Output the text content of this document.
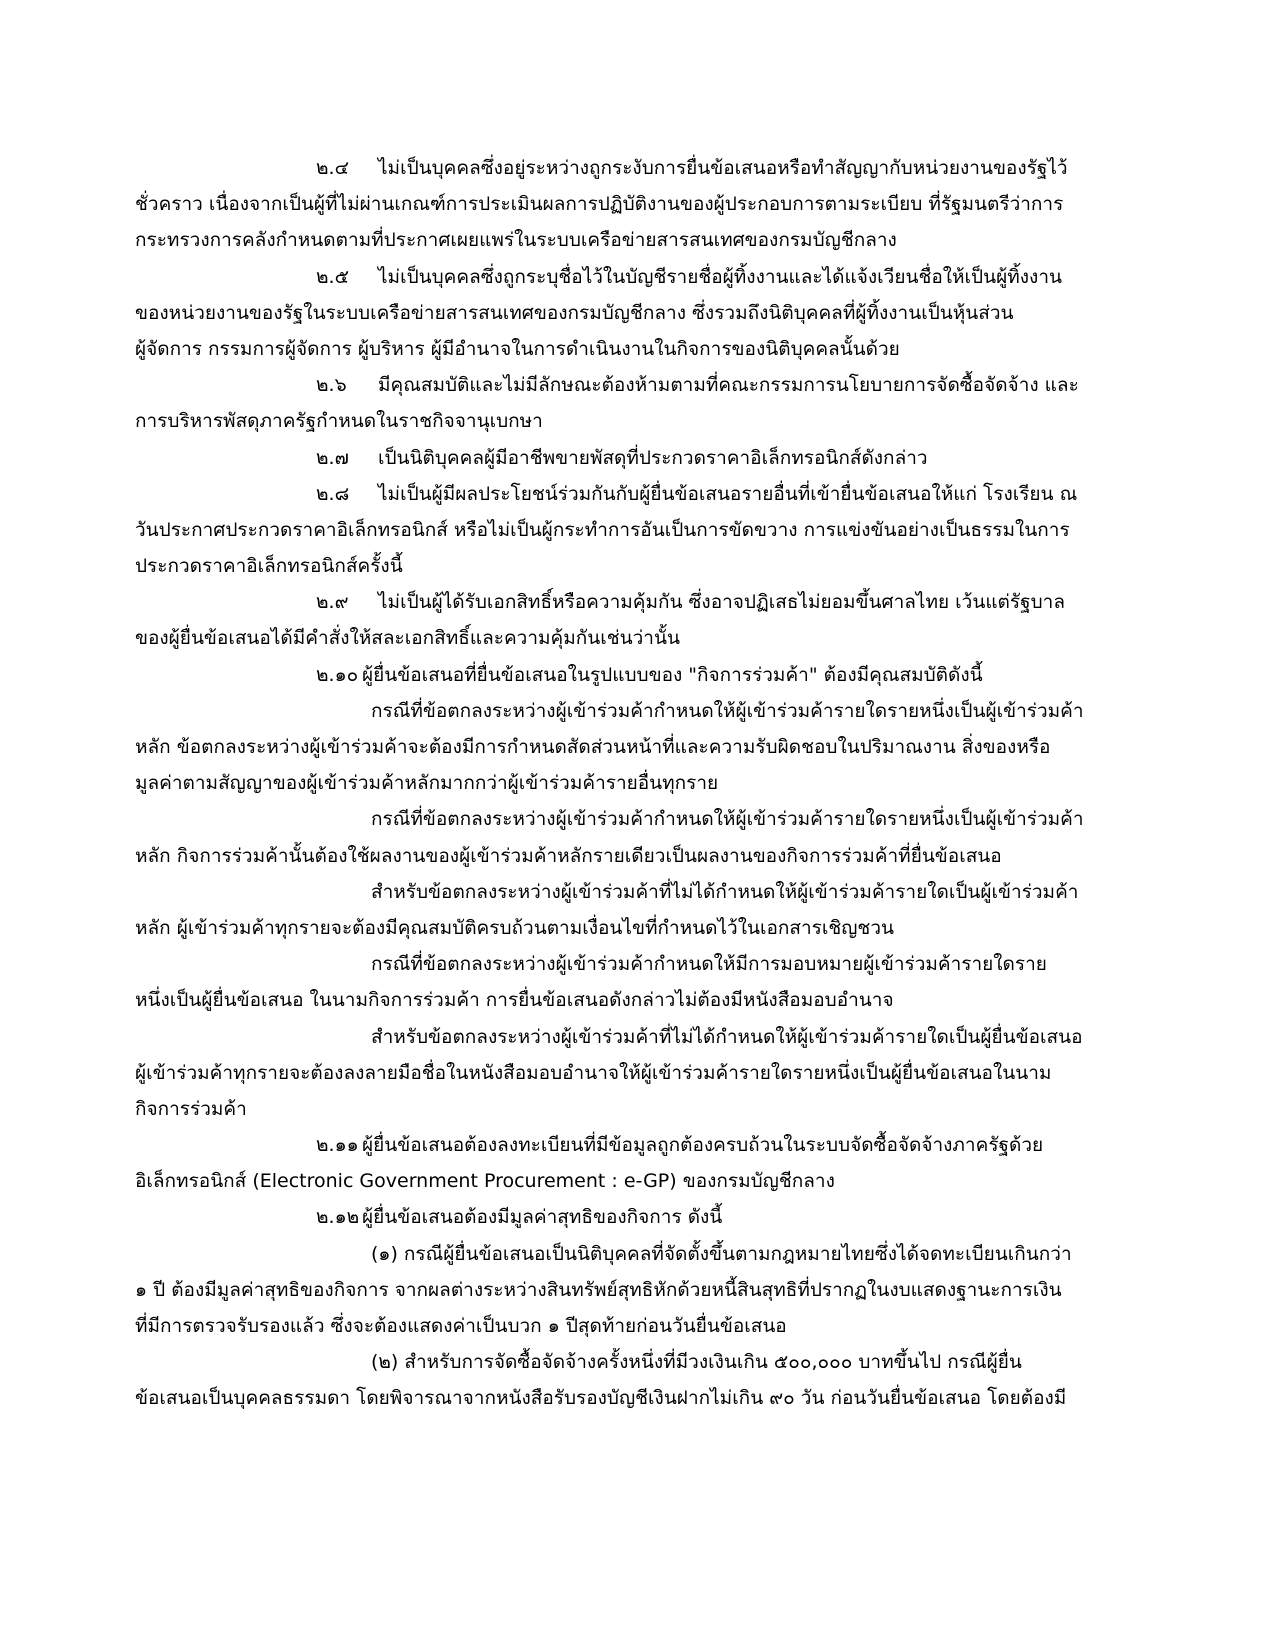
๒.๔ ไม่เป็นบุคคลซึ่งอยู่ระหว่างถูกระงับการยื่นข้อเสนอหรือทำสัญญากับหน่วยงานของรัฐไว้
ชั่วคราว เนื่องจากเป็นผู้ที่ไม่ผ่านเกณฑ์การประเมินผลการปฏิบัติงานของผู้ประกอบการตามระเบียบ ที่รัฐมนตรีว่าการ
กระทรวงการคลังกำหนดตามที่ประกาศเผยแพร่ในระบบเครือข่ายสารสนเทศของกรมบัญชีกลาง
๒.๕ ไม่เป็นบุคคลซึ่งถูกระบุชื่อไว้ในบัญชีรายชื่อผู้ทิ้งงานและได้แจ้งเวียนชื่อให้เป็นผู้ทิ้งงาน
ของหน่วยงานของรัฐในระบบเครือข่ายสารสนเทศของกรมบัญชีกลาง ซึ่งรวมถึงนิติบุคคลที่ผู้ทิ้งงานเป็นหุ้นส่วน
ผู้จัดการ กรรมการผู้จัดการ ผู้บริหาร ผู้มีอำนาจในการดำเนินงานในกิจการของนิติบุคคลนั้นด้วย
๒.๖ มีคุณสมบัติและไม่มีลักษณะต้องห้ามตามที่คณะกรรมการนโยบายการจัดซื้อจัดจ้าง และ
การบริหารพัสดุภาครัฐกำหนดในราชกิจจานุเบกษา
๒.๗ เป็นนิติบุคคลผู้มีอาชีพขายพัสดุที่ประกวดราคาอิเล็กทรอนิกส์ดังกล่าว
๒.๘ ไม่เป็นผู้มีผลประโยชน์ร่วมกันกับผู้ยื่นข้อเสนอรายอื่นที่เข้ายื่นข้อเสนอให้แก่ โรงเรียน ณ
วันประกาศประกวดราคาอิเล็กทรอนิกส์ หรือไม่เป็นผู้กระทำการอันเป็นการขัดขวาง การแข่งขันอย่างเป็นธรรมในการ
ประกวดราคาอิเล็กทรอนิกส์ครั้งนี้
๒.๙ ไม่เป็นผู้ได้รับเอกสิทธิ์หรือความคุ้มกัน ซึ่งอาจปฏิเสธไม่ยอมขึ้นศาลไทย เว้นแต่รัฐบาล
ของผู้ยื่นข้อเสนอได้มีคำสั่งให้สละเอกสิทธิ์และความคุ้มกันเช่นว่านั้น
๒.๑๐ ผู้ยื่นข้อเสนอที่ยื่นข้อเสนอในรูปแบบของ "กิจการร่วมค้า" ต้องมีคุณสมบัติดังนี้
กรณีที่ข้อตกลงระหว่างผู้เข้าร่วมค้ากำหนดให้ผู้เข้าร่วมค้ารายใดรายหนึ่งเป็นผู้เข้าร่วมค้า
หลัก ข้อตกลงระหว่างผู้เข้าร่วมค้าจะต้องมีการกำหนดสัดส่วนหน้าที่และความรับผิดชอบในปริมาณงาน สิ่งของหรือ
มูลค่าตามสัญญาของผู้เข้าร่วมค้าหลักมากกว่าผู้เข้าร่วมค้ารายอื่นทุกราย
กรณีที่ข้อตกลงระหว่างผู้เข้าร่วมค้ากำหนดให้ผู้เข้าร่วมค้ารายใดรายหนึ่งเป็นผู้เข้าร่วมค้า
หลัก กิจการร่วมค้านั้นต้องใช้ผลงานของผู้เข้าร่วมค้าหลักรายเดียวเป็นผลงานของกิจการร่วมค้าที่ยื่นข้อเสนอ
สำหรับข้อตกลงระหว่างผู้เข้าร่วมค้าที่ไม่ได้กำหนดให้ผู้เข้าร่วมค้ารายใดเป็นผู้เข้าร่วมค้า
หลัก ผู้เข้าร่วมค้าทุกรายจะต้องมีคุณสมบัติครบถ้วนตามเงื่อนไขที่กำหนดไว้ในเอกสารเชิญชวน
กรณีที่ข้อตกลงระหว่างผู้เข้าร่วมค้ากำหนดให้มีการมอบหมายผู้เข้าร่วมค้ารายใดราย
หนึ่งเป็นผู้ยื่นข้อเสนอ ในนามกิจการร่วมค้า การยื่นข้อเสนอดังกล่าวไม่ต้องมีหนังสือมอบอำนาจ
สำหรับข้อตกลงระหว่างผู้เข้าร่วมค้าที่ไม่ได้กำหนดให้ผู้เข้าร่วมค้ารายใดเป็นผู้ยื่นข้อเสนอ
ผู้เข้าร่วมค้าทุกรายจะต้องลงลายมือชื่อในหนังสือมอบอำนาจให้ผู้เข้าร่วมค้ารายใดรายหนึ่งเป็นผู้ยื่นข้อเสนอในนาม
กิจการร่วมค้า
๒.๑๑ ผู้ยื่นข้อเสนอต้องลงทะเบียนที่มีข้อมูลถูกต้องครบถ้วนในระบบจัดซื้อจัดจ้างภาครัฐด้วย
อิเล็กทรอนิกส์ (Electronic Government Procurement : e-GP) ของกรมบัญชีกลาง
๒.๑๒ ผู้ยื่นข้อเสนอต้องมีมูลค่าสุทธิของกิจการ ดังนี้
(๑) กรณีผู้ยื่นข้อเสนอเป็นนิติบุคคลที่จัดตั้งขึ้นตามกฎหมายไทยซึ่งได้จดทะเบียนเกินกว่า
๑ ปี ต้องมีมูลค่าสุทธิของกิจการ จากผลต่างระหว่างสินทรัพย์สุทธิหักด้วยหนี้สินสุทธิที่ปรากฏในงบแสดงฐานะการเงิน
ที่มีการตรวจรับรองแล้ว ซึ่งจะต้องแสดงค่าเป็นบวก ๑ ปีสุดท้ายก่อนวันยื่นข้อเสนอ
(๒) สำหรับการจัดซื้อจัดจ้างครั้งหนึ่งที่มีวงเงินเกิน ๕๐๐,๐๐๐ บาทขึ้นไป กรณีผู้ยื่น
ข้อเสนอเป็นบุคคลธรรมดา โดยพิจารณาจากหนังสือรับรองบัญชีเงินฝากไม่เกิน ๙๐ วัน ก่อนวันยื่นข้อเสนอ โดยต้องมี
